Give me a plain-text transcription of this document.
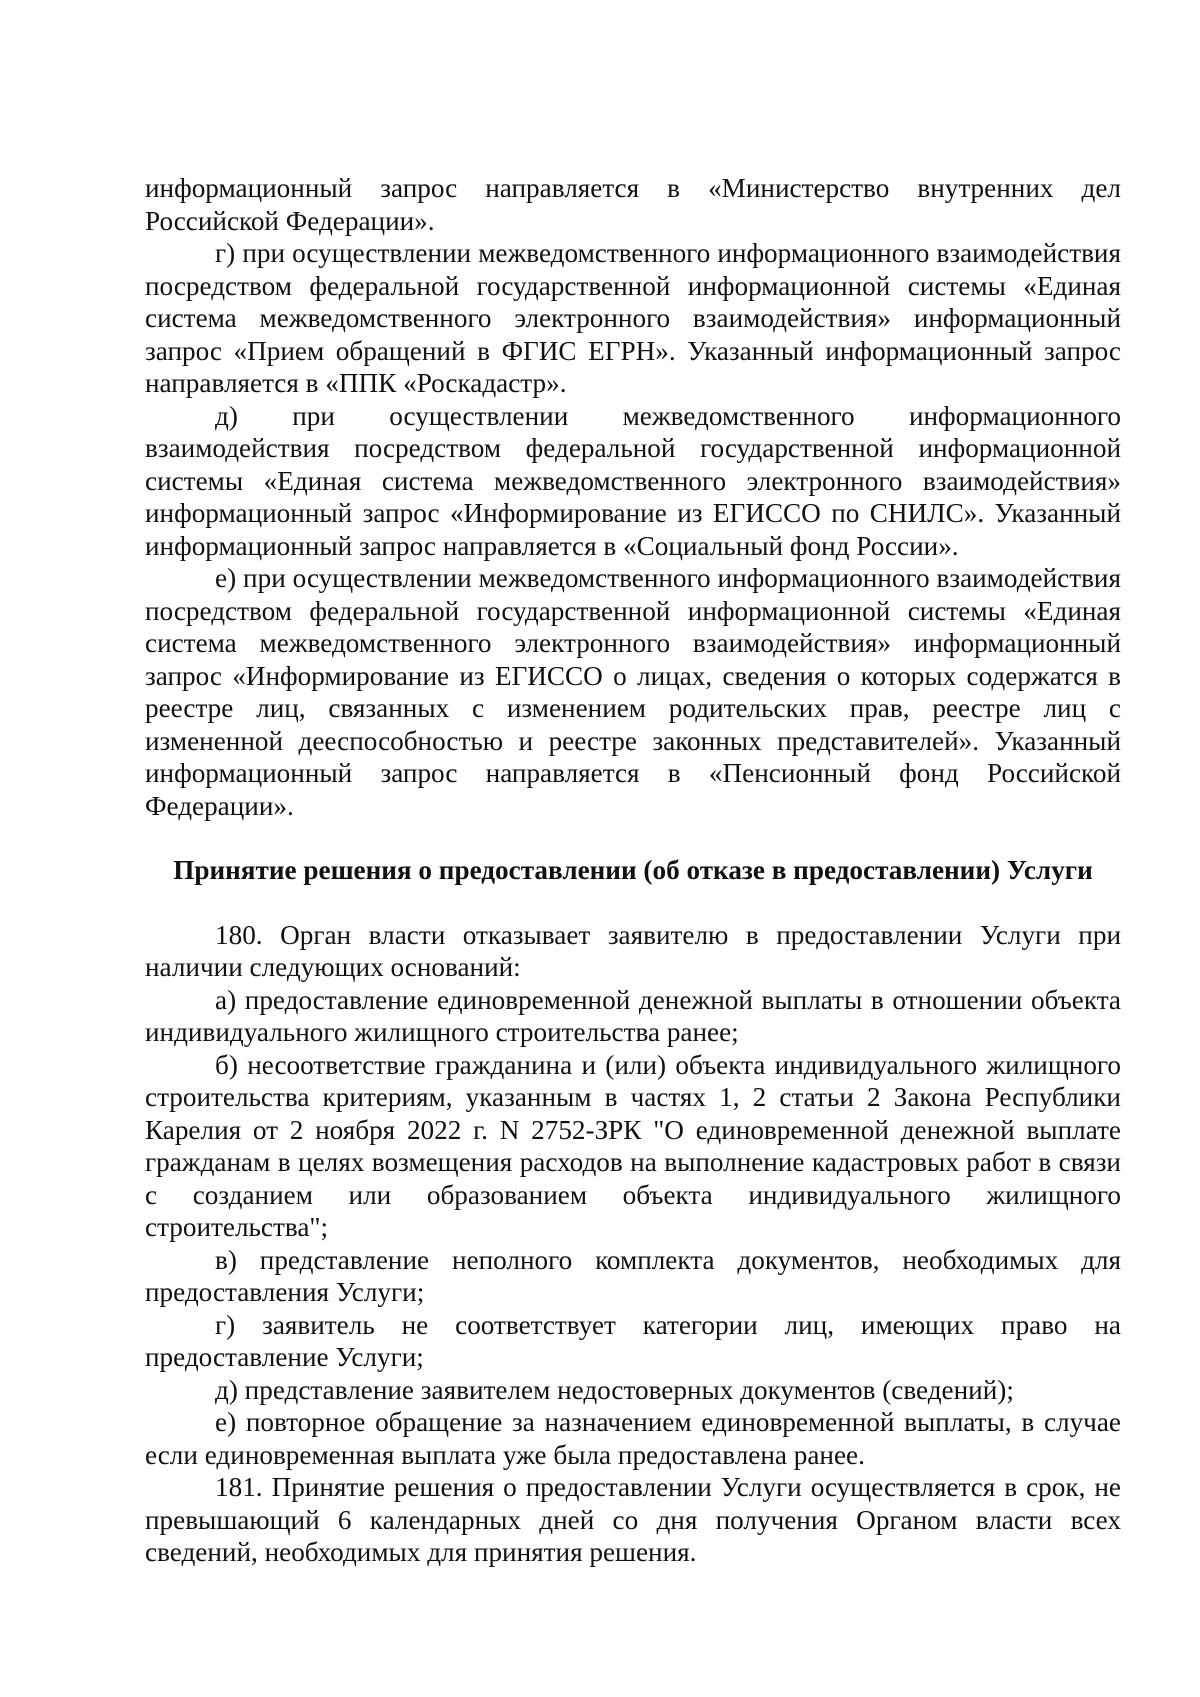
информационный запрос направляется в «Министерство внутренних дел Российской Федерации».

г) при осуществлении межведомственного информационного взаимодействия посредством федеральной государственной информационной системы «Единая система межведомственного электронного взаимодействия» информационный запрос «Прием обращений в ФГИС ЕГРН». Указанный информационный запрос направляется в «ППК «Роскадастр».

д) при осуществлении межведомственного информационного взаимодействия посредством федеральной государственной информационной системы «Единая система межведомственного электронного взаимодействия» информационный запрос «Информирование из ЕГИССО по СНИЛС». Указанный информационный запрос направляется в «Социальный фонд России».

е) при осуществлении межведомственного информационного взаимодействия посредством федеральной государственной информационной системы «Единая система межведомственного электронного взаимодействия» информационный запрос «Информирование из ЕГИССО о лицах, сведения о которых содержатся в реестре лиц, связанных с изменением родительских прав, реестре лиц с измененной дееспособностью и реестре законных представителей». Указанный информационный запрос направляется в «Пенсионный фонд Российской Федерации».

Принятие решения о предоставлении (об отказе в предоставлении) Услуги

180. Орган власти отказывает заявителю в предоставлении Услуги при наличии следующих оснований:

а) предоставление единовременной денежной выплаты в отношении объекта индивидуального жилищного строительства ранее;

б) несоответствие гражданина и (или) объекта индивидуального жилищного строительства критериям, указанным в частях 1, 2 статьи 2 Закона Республики Карелия от 2 ноября 2022 г. N 2752-ЗРК "О единовременной денежной выплате гражданам в целях возмещения расходов на выполнение кадастровых работ в связи с созданием или образованием объекта индивидуального жилищного строительства";

в) представление неполного комплекта документов, необходимых для предоставления Услуги;

г) заявитель не соответствует категории лиц, имеющих право на предоставление Услуги;

д) представление заявителем недостоверных документов (сведений);

е) повторное обращение за назначением единовременной выплаты, в случае если единовременная выплата уже была предоставлена ранее.

181. Принятие решения о предоставлении Услуги осуществляется в срок, не превышающий 6 календарных дней со дня получения Органом власти всех сведений, необходимых для принятия решения.
